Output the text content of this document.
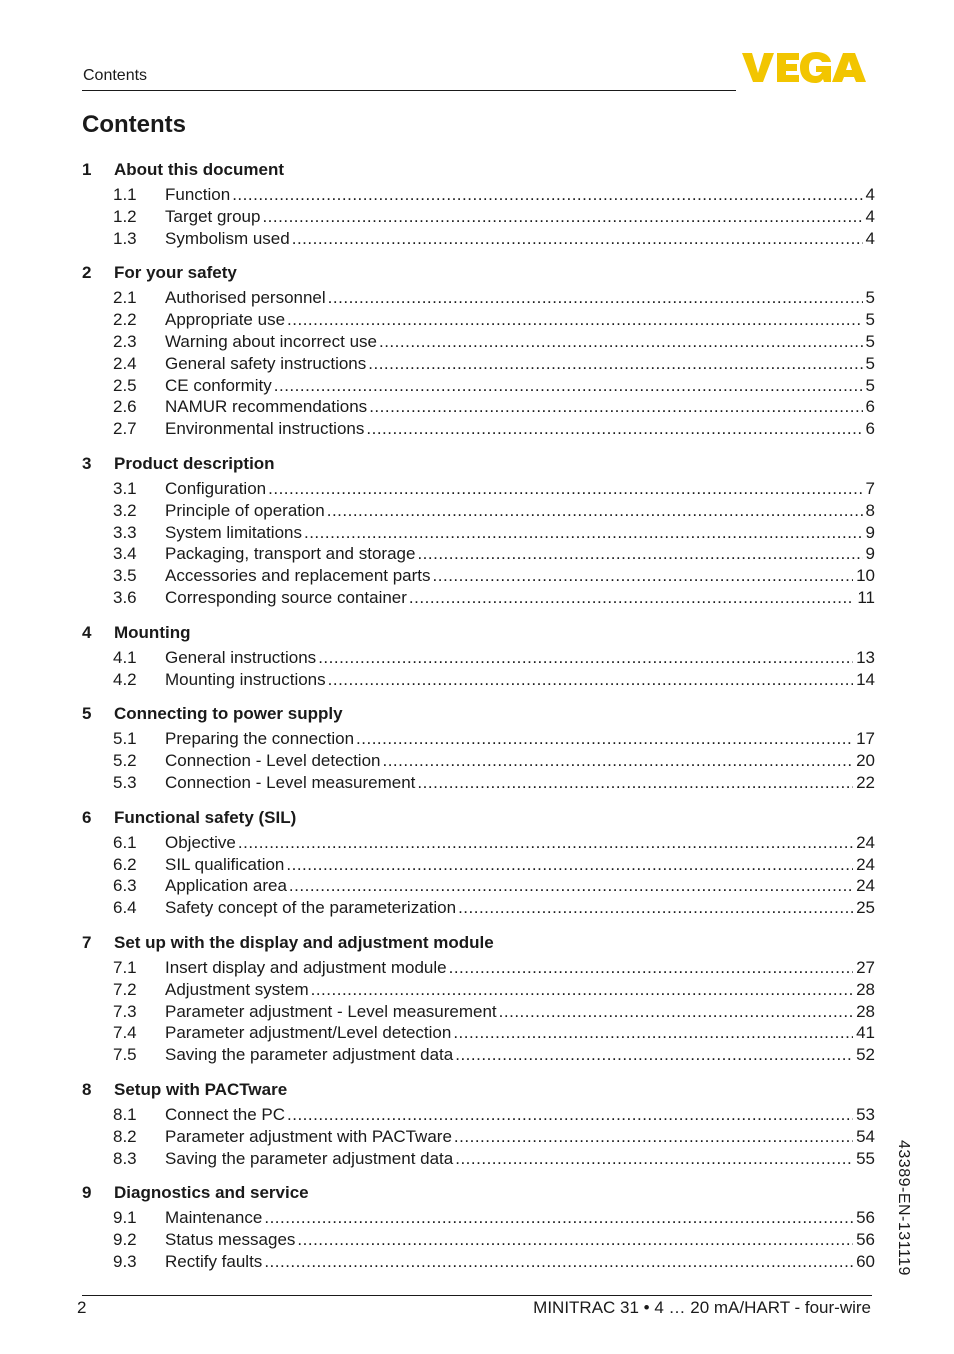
Contents
Contents
1	About this document
1.1	Function .....	4
1.2	Target group .....	4
1.3	Symbolism used .....	4
2	For your safety
2.1	Authorised personnel .....	5
2.2	Appropriate use .....	5
2.3	Warning about incorrect use .....	5
2.4	General safety instructions .....	5
2.5	CE conformity .....	5
2.6	NAMUR recommendations .....	6
2.7	Environmental instructions .....	6
3	Product description
3.1	Configuration .....	7
3.2	Principle of operation .....	8
3.3	System limitations .....	9
3.4	Packaging, transport and storage .....	9
3.5	Accessories and replacement parts .....	10
3.6	Corresponding source container .....	11
4	Mounting
4.1	General instructions .....	13
4.2	Mounting instructions .....	14
5	Connecting to power supply
5.1	Preparing the connection .....	17
5.2	Connection - Level detection .....	20
5.3	Connection - Level measurement .....	22
6	Functional safety (SIL)
6.1	Objective .....	24
6.2	SIL qualification .....	24
6.3	Application area .....	24
6.4	Safety concept of the parameterization .....	25
7	Set up with the display and adjustment module
7.1	Insert display and adjustment module .....	27
7.2	Adjustment system .....	28
7.3	Parameter adjustment - Level measurement .....	28
7.4	Parameter adjustment/Level detection .....	41
7.5	Saving the parameter adjustment data .....	52
8	Setup with PACTware
8.1	Connect the PC .....	53
8.2	Parameter adjustment with PACTware .....	54
8.3	Saving the parameter adjustment data .....	55
9	Diagnostics and service
9.1	Maintenance .....	56
9.2	Status messages .....	56
9.3	Rectify faults .....	60 43389-EN-131119
2	MINITRAC 31 • 4 … 20 mA/HART - four-wire
